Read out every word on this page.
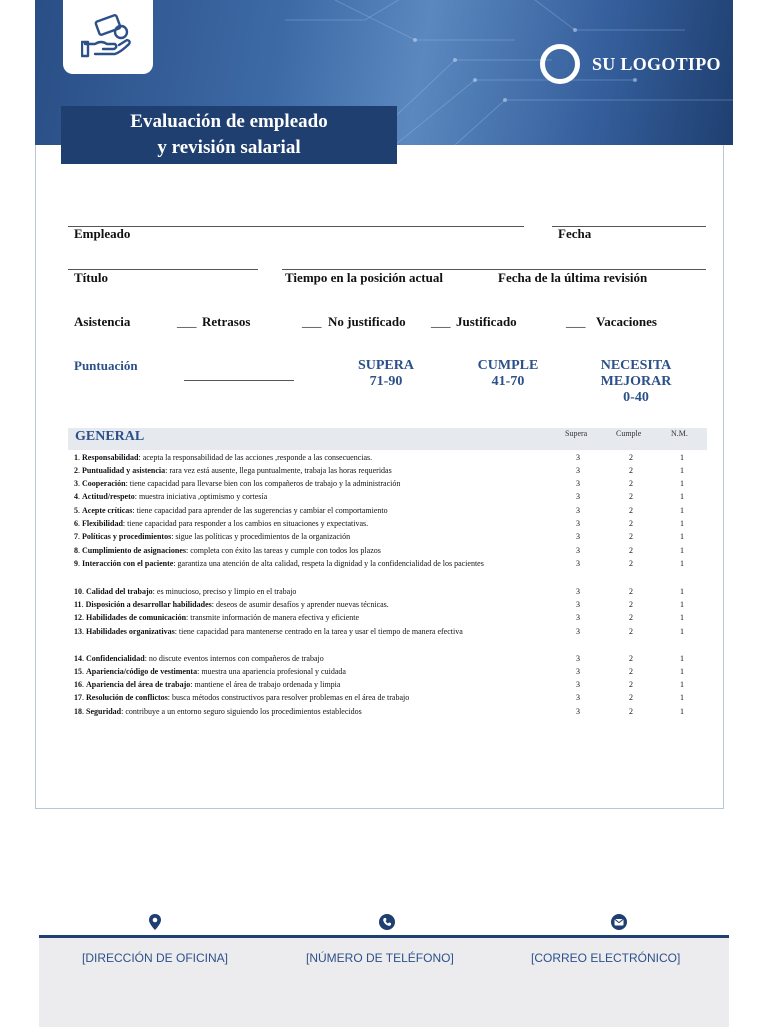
SU LOGOTIPO
Evaluación de empleado
y revisión salarial
Empleado	Fecha
Título	Tiempo en la posición actual	Fecha de la última revisión
Asistencia	___ Retrasos	___ No justificado ___ Justificado	___ Vacaciones
Puntuación	SUPERA
71-90
CUMPLE
41-70
NECESITA
MEJORAR
0-40
GENERAL	Supera	Cumple	N.M.
1. Responsabilidad: acepta la responsabilidad de las acciones ,responde a las consecuencias.	3	2	1
2. Puntualidad y asistencia: rara vez está ausente, llega puntualmente, trabaja las horas requeridas	3	2	1
3. Cooperación: tiene capacidad para llevarse bien con los compañeros de trabajo y la administración	3	2	1
4. Actitud/respeto: muestra iniciativa ,optimismo y cortesía	3	2	1
5. Acepte críticas: tiene capacidad para aprender de las sugerencias y cambiar el comportamiento	3	2	1
6. Flexibilidad: tiene capacidad para responder a los cambios en situaciones y expectativas.	3	2	1
7. Políticas y procedimientos: sigue las políticas y procedimientos de la organización	3	2	1
8. Cumplimiento de asignaciones: completa con éxito las tareas y cumple con todos los plazos	3	2	1
9. Interacción con el paciente: garantiza una atención de alta calidad, respeta la dignidad y la confidencialidad de los pacientes	3	2	1
10. Calidad del trabajo: es minucioso, preciso y limpio en el trabajo	3	2	1
11. Disposición a desarrollar habilidades: deseos de asumir desafíos y aprender nuevas técnicas.	3	2	1
12. Habilidades de comunicación: transmite información de manera efectiva y eficiente	3	2	1
13. Habilidades organizativas: tiene capacidad para mantenerse centrado en la tarea y usar el tiempo de manera efectiva	3	2	1
14. Confidencialidad: no discute eventos internos con compañeros de trabajo	3	2	1
15. Apariencia/código de vestimenta: muestra una apariencia profesional y cuidada	3	2	1
16. Apariencia del área de trabajo: mantiene el área de trabajo ordenada y limpia	3	2	1
17. Resolución de conflictos: busca métodos constructivos para resolver problemas en el área de trabajo	3	2	1
18. Seguridad: contribuye a un entorno seguro siguiendo los procedimientos establecidos	3	2	1
[DIRECCIÓN DE OFICINA]	[NÚMERO DE TELÉFONO]	[CORREO ELECTRÓNICO]
